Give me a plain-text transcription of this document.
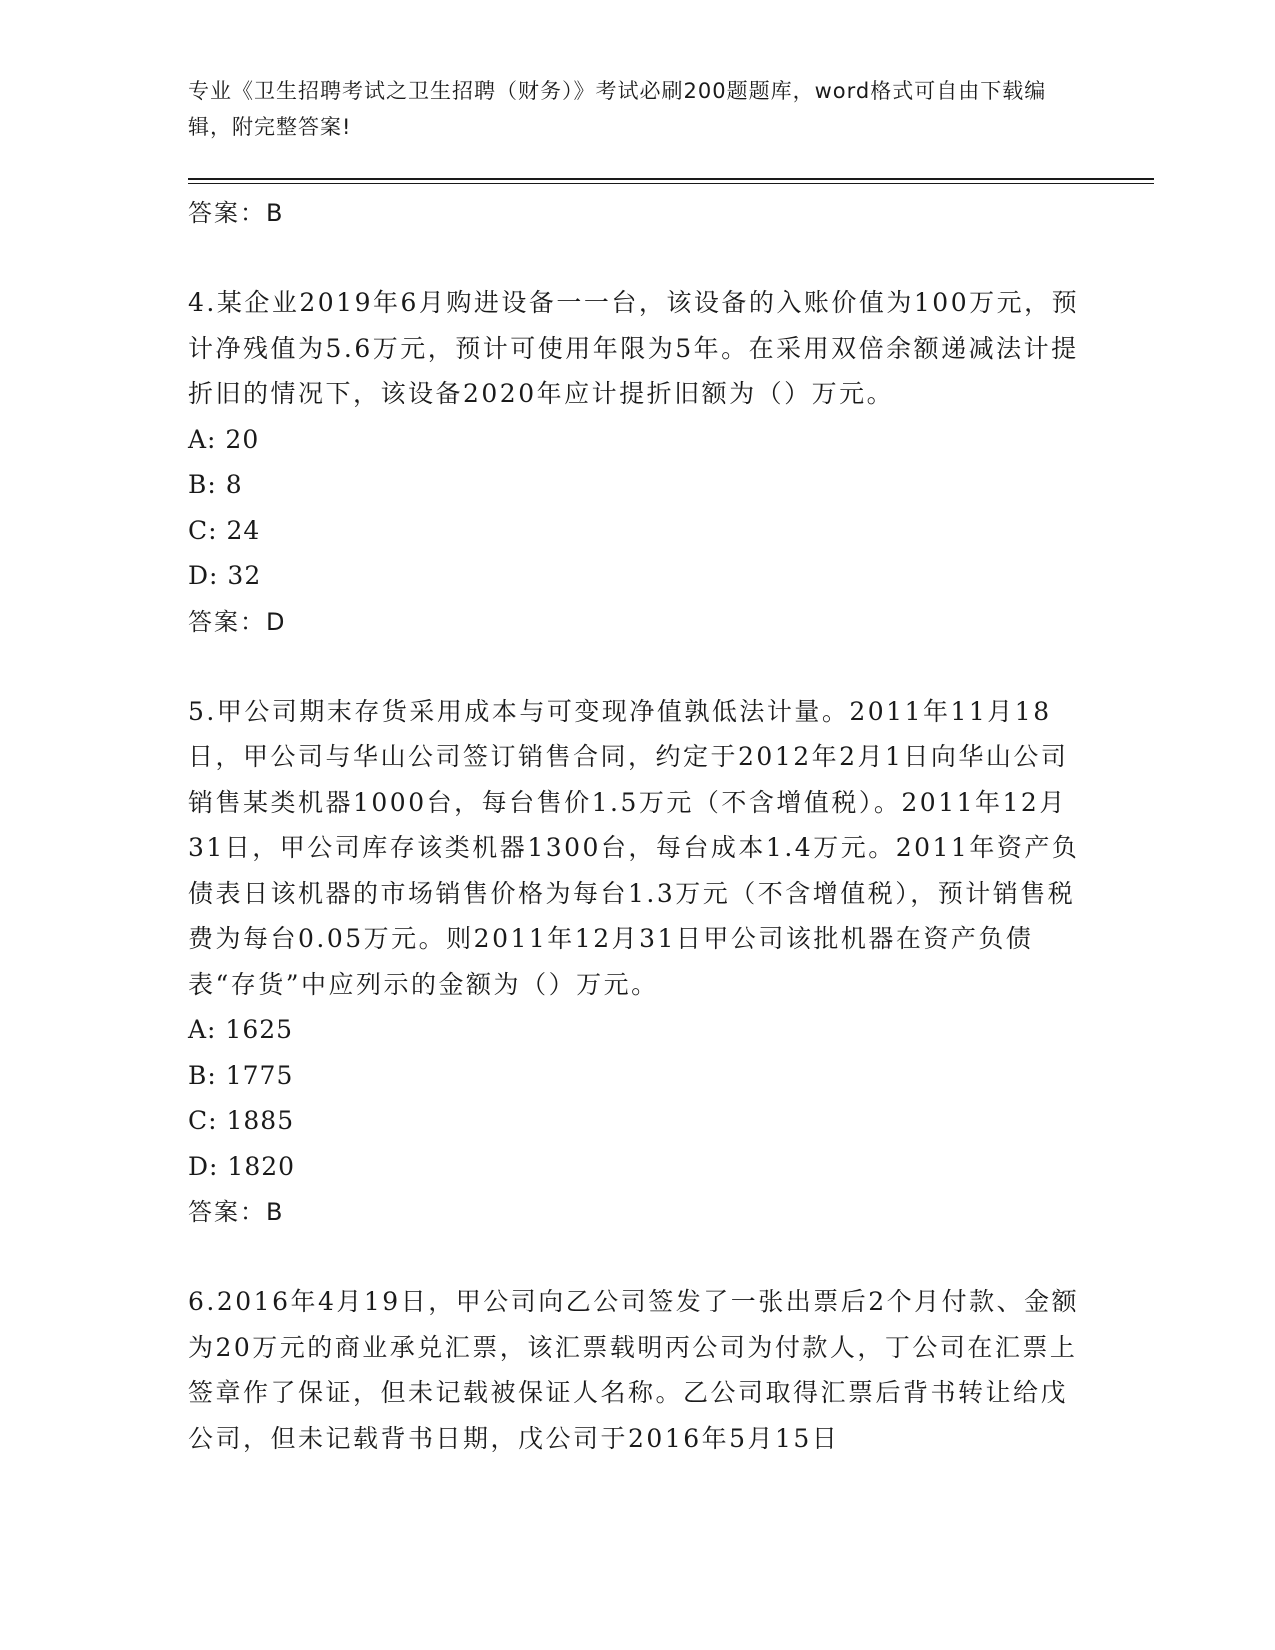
专业《卫生招聘考试之卫生招聘（财务）》考试必刷200题题库，word格式可自由下载编辑，附完整答案!
答案：B

4.某企业2019年6月购进设备一一台，该设备的入账价值为100万元，预计净残值为5.6万元，预计可使用年限为5年。在采用双倍余额递减法计提折旧的情况下，该设备2020年应计提折旧额为（）万元。

A: 20
B: 8
C: 24
D: 32
答案：D

5.甲公司期末存货采用成本与可变现净值孰低法计量。2011年11月18日，甲公司与华山公司签订销售合同，约定于2012年2月1日向华山公司销售某类机器1000台，每台售价1.5万元（不含增值税）。2011年12月31日，甲公司库存该类机器1300台，每台成本1.4万元。2011年资产负债表日该机器的市场销售价格为每台1.3万元（不含增值税），预计销售税费为每台0.05万元。则2011年12月31日甲公司该批机器在资产负债表“存货”中应列示的金额为（）万元。

A: 1625
B: 1775
C: 1885
D: 1820
答案：B

6.2016年4月19日，甲公司向乙公司签发了一张出票后2个月付款、金额为20万元的商业承兑汇票，该汇票载明丙公司为付款人，丁公司在汇票上签章作了保证，但未记载被保证人名称。乙公司取得汇票后背书转让给戊公司，但未记载背书日期，戊公司于2016年5月15日
